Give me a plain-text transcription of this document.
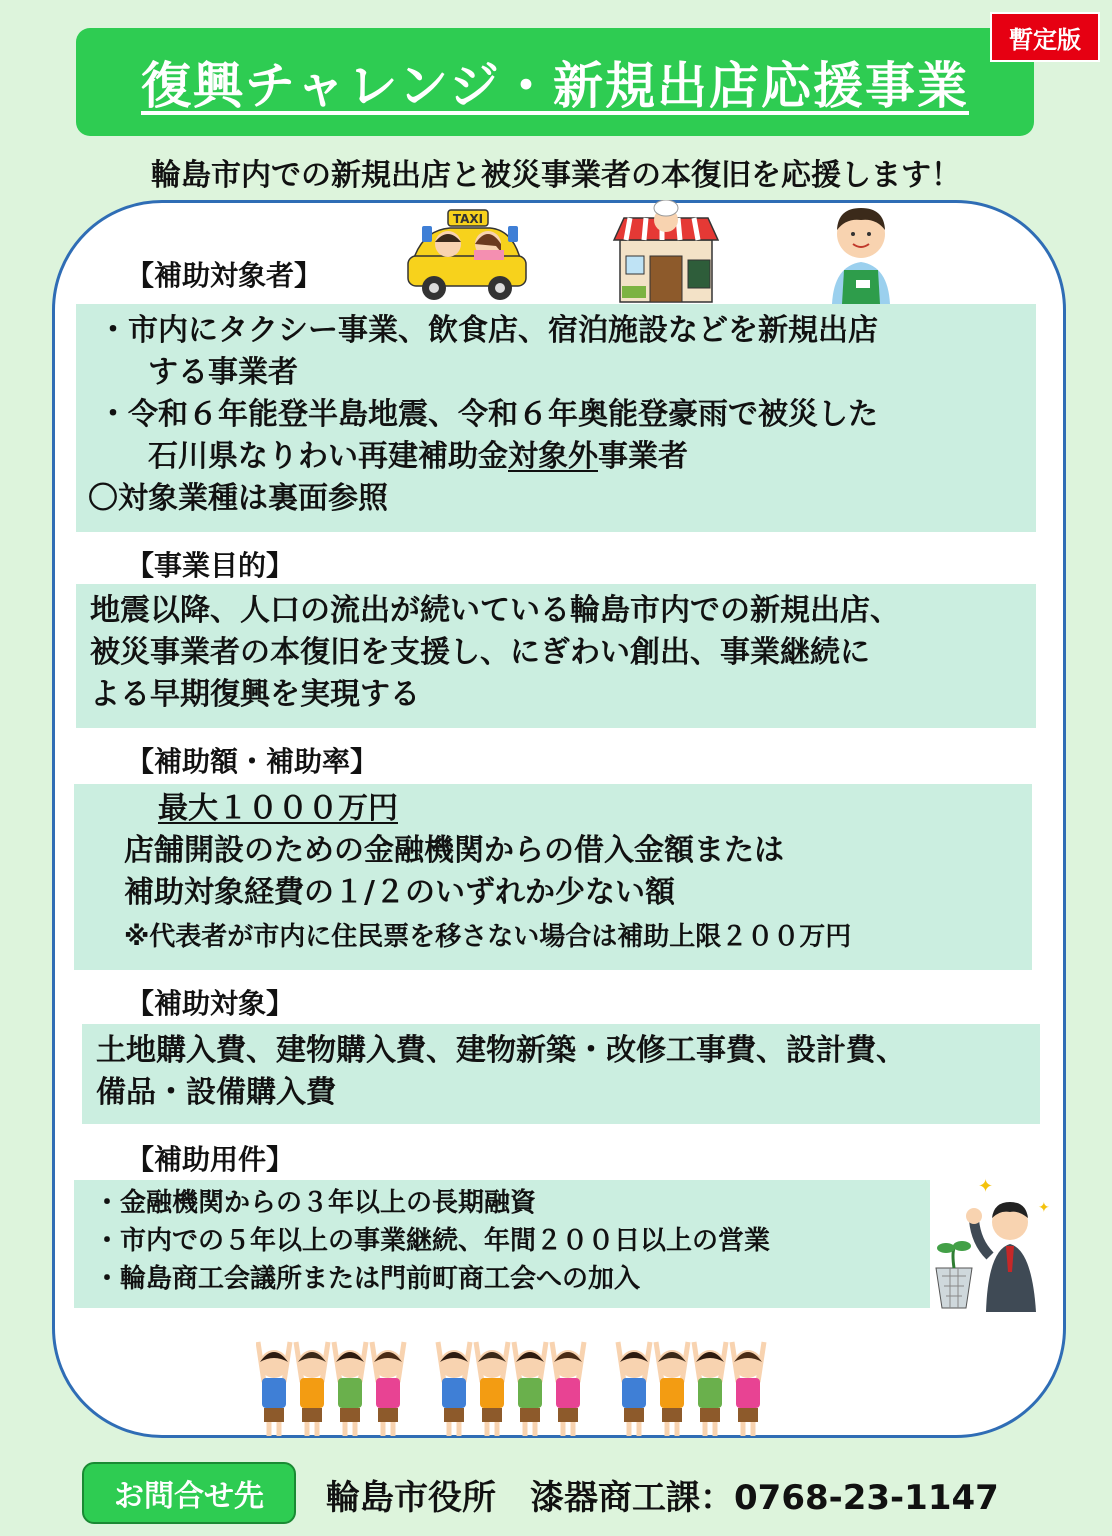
復興チャレンジ・新規出店応援事業
暫定版
輪島市内での新規出店と被災事業者の本復旧を応援します！
TAXI
【補助対象者】
・市内にタクシー事業、飲食店、宿泊施設などを新規出店
する事業者
・令和６年能登半島地震、令和６年奥能登豪雨で被災した
石川県なりわい再建補助金対象外事業者
〇対象業種は裏面参照
【事業目的】
地震以降、人口の流出が続いている輪島市内での新規出店、
被災事業者の本復旧を支援し、にぎわい創出、事業継続に
よる早期復興を実現する
【補助額・補助率】
最大１０００万円
店舗開設のための金融機関からの借入金額または
補助対象経費の１/２のいずれか少ない額
※代表者が市内に住民票を移さない場合は補助上限２００万円
【補助対象】
土地購入費、建物購入費、建物新築・改修工事費、設計費、
備品・設備購入費
【補助用件】
・金融機関からの３年以上の長期融資
・市内での５年以上の事業継続、年間２００日以上の営業
・輪島商工会議所または門前町商工会への加入
✦
✦
お問合せ先	輪島市役所　漆器商工課：0768-23-1147
